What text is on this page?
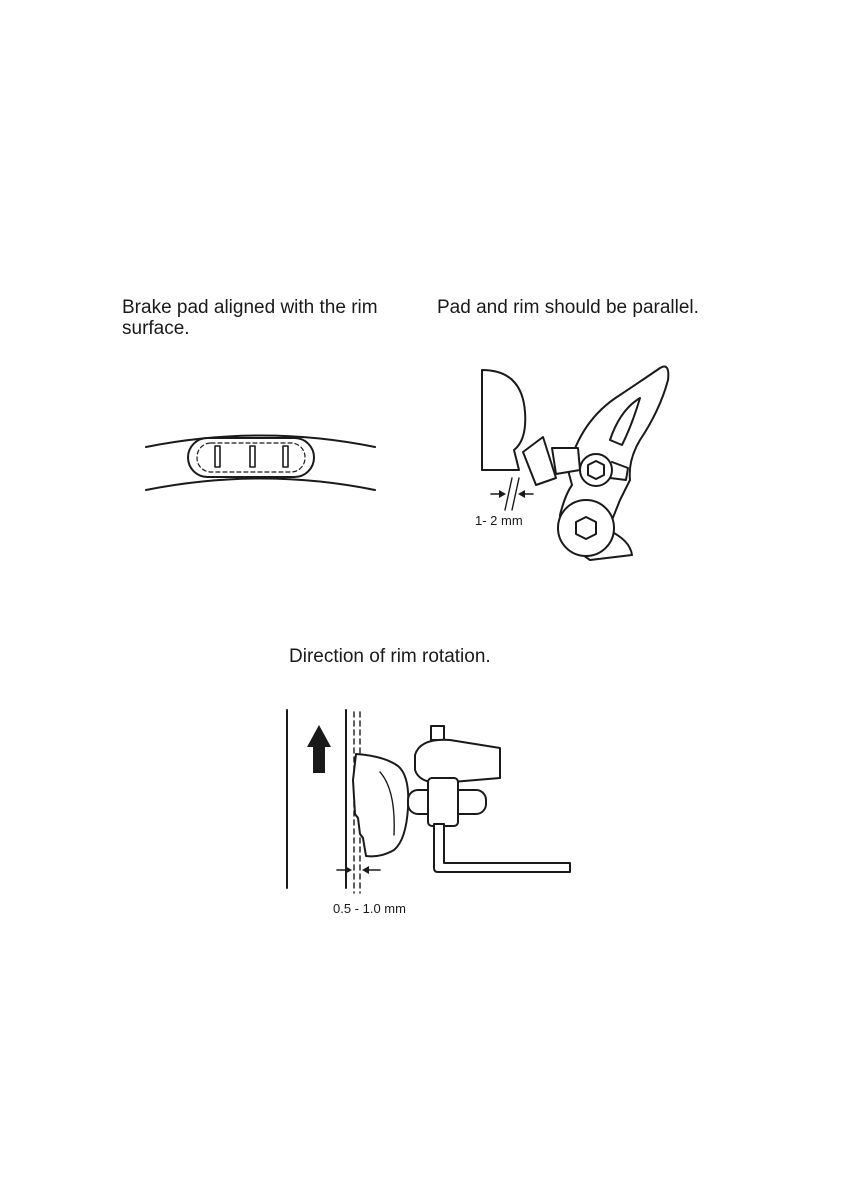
Brake pad aligned with the rim surface.

Pad and rim should be parallel.

1- 2 mm

Direction of rim rotation.

0.5 - 1.0 mm
